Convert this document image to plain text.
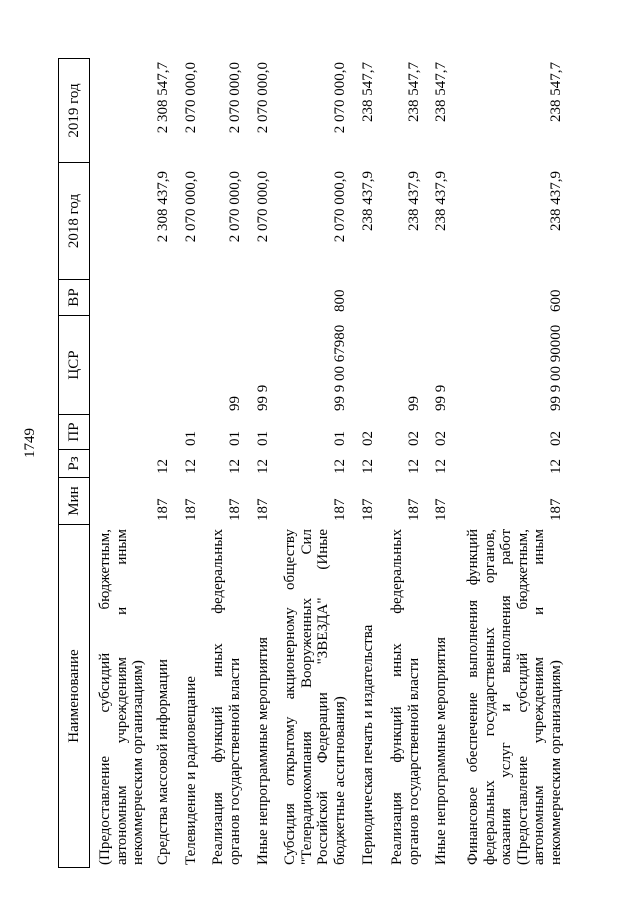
1749
Наименование
Мин
Рз
ПР
ЦСР
ВР
2018 год
2019 год
(Предоставление субсидий бюджетным, автономным учреждениям и иным некоммерческим организациям) Средства массовой информации
187
12
2 308 437,9
2 308 547,7
Телевидение и радиовещание
187
12
01
2 070 000,0
2 070 000,0
Реализация функций иных федеральных органов государственной власти
187
12
01
99
2 070 000,0
2 070 000,0
Иные непрограммные мероприятия
187
12
01
99 9
2 070 000,0
2 070 000,0
Субсидия открытому акционерному обществу "Телерадиокомпания Вооруженных Сил Российской Федерации "ЗВЕЗДА" (Иные бюджетные ассигнования)
187
12
01
99 9 00 67980
800
2 070 000,0
2 070 000,0
Периодическая печать и издательства
187
12
02
238 437,9
238 547,7
Реализация функций иных федеральных органов государственной власти
187
12
02
99
238 437,9
238 547,7
Иные непрограммные мероприятия
187
12
02
99 9
238 437,9
238 547,7
Финансовое обеспечение выполнения функций федеральных государственных органов, оказания услуг и выполнения работ (Предоставление субсидий бюджетным, автономным учреждениям и иным некоммерческим организациям)
187
12
02
99 9 00 90000
600
238 437,9
238 547,7
